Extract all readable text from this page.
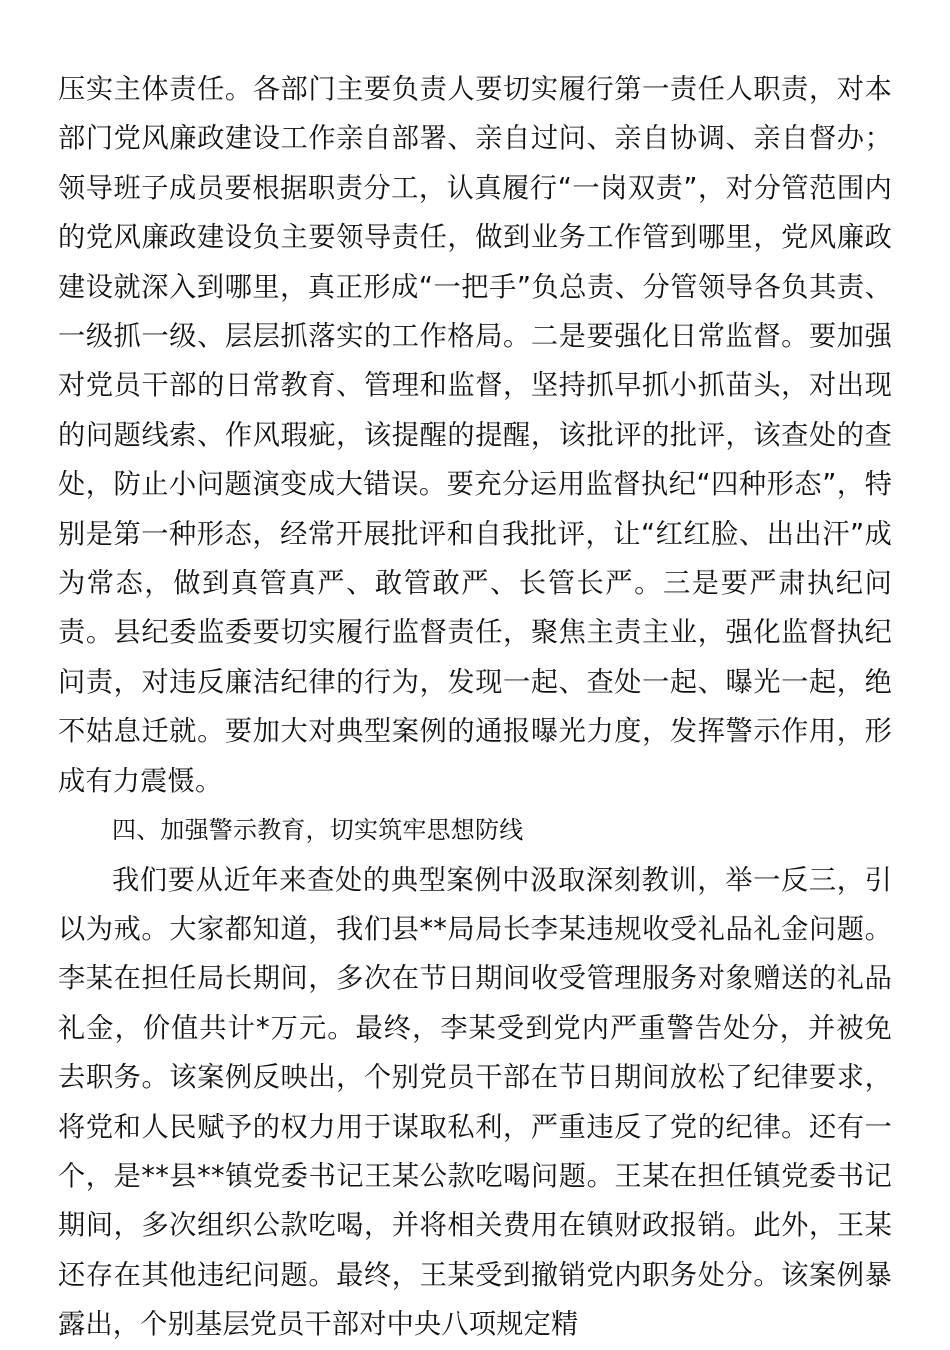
压实主体责任。各部门主要负责人要切实履行第一责任人职责，对本部门党风廉政建设工作亲自部署、亲自过问、亲自协调、亲自督办；领导班子成员要根据职责分工，认真履行“一岗双责”，对分管范围内的党风廉政建设负主要领导责任，做到业务工作管到哪里，党风廉政建设就深入到哪里，真正形成“一把手”负总责、分管领导各负其责、一级抓一级、层层抓落实的工作格局。二是要强化日常监督。要加强对党员干部的日常教育、管理和监督，坚持抓早抓小抓苗头，对出现的问题线索、作风瑕疵，该提醒的提醒，该批评的批评，该查处的查处，防止小问题演变成大错误。要充分运用监督执纪“四种形态”，特别是第一种形态，经常开展批评和自我批评，让“红红脸、出出汗”成为常态，做到真管真严、敢管敢严、长管长严。三是要严肃执纪问责。县纪委监委要切实履行监督责任，聚焦主责主业，强化监督执纪问责，对违反廉洁纪律的行为，发现一起、查处一起、曝光一起，绝不姑息迁就。要加大对典型案例的通报曝光力度，发挥警示作用，形成有力震慑。

四、加强警示教育，切实筑牢思想防线

我们要从近年来查处的典型案例中汲取深刻教训，举一反三，引以为戒。大家都知道，我们县**局局长李某违规收受礼品礼金问题。李某在担任局长期间，多次在节日期间收受管理服务对象赠送的礼品礼金，价值共计*万元。最终，李某受到党内严重警告处分，并被免去职务。该案例反映出，个别党员干部在节日期间放松了纪律要求，将党和人民赋予的权力用于谋取私利，严重违反了党的纪律。还有一个，是**县**镇党委书记王某公款吃喝问题。王某在担任镇党委书记期间，多次组织公款吃喝，并将相关费用在镇财政报销。此外，王某还存在其他违纪问题。最终，王某受到撤销党内职务处分。该案例暴露出，个别基层党员干部对中央八项规定精
